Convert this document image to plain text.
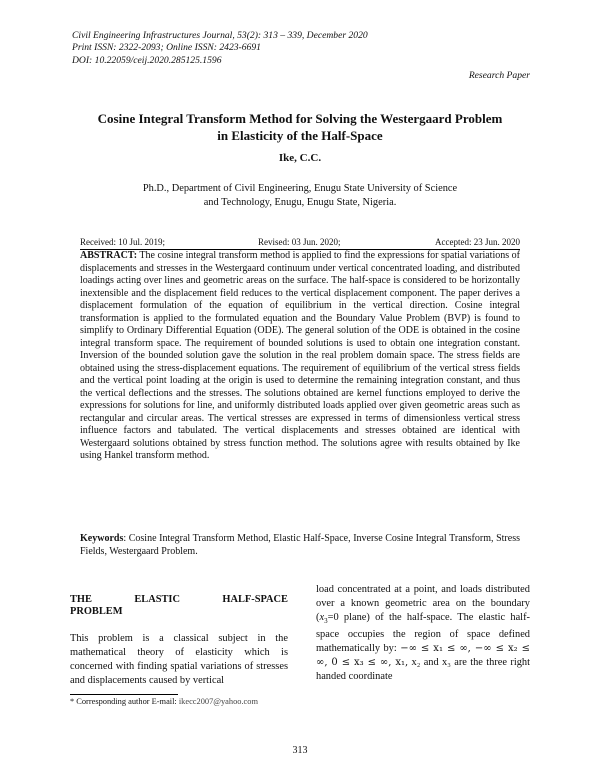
Civil Engineering Infrastructures Journal, 53(2): 313 – 339, December 2020
Print ISSN: 2322-2093; Online ISSN: 2423-6691
DOI: 10.22059/ceij.2020.285125.1596
Research Paper
Cosine Integral Transform Method for Solving the Westergaard Problem
in Elasticity of the Half-Space
Ike, C.C.
Ph.D., Department of Civil Engineering, Enugu State University of Science and Technology, Enugu, Enugu State, Nigeria.
Received: 10 Jul. 2019;	Revised: 03 Jun. 2020;	Accepted: 23 Jun. 2020
ABSTRACT: The cosine integral transform method is applied to find the expressions for spatial variations of displacements and stresses in the Westergaard continuum under vertical concentrated loading, and distributed loadings acting over lines and geometric areas on the surface. The half-space is considered to be horizontally inextensible and the displacement field reduces to the vertical displacement component. The paper derives a displacement formulation of the equation of equilibrium in the vertical direction. Cosine integral transformation is applied to the formulated equation and the Boundary Value Problem (BVP) is found to simplify to Ordinary Differential Equation (ODE). The general solution of the ODE is obtained in the cosine integral transform space. The requirement of bounded solutions is used to obtain one integration constant. Inversion of the bounded solution gave the solution in the real problem domain space. The stress fields are obtained using the stress-displacement equations. The requirement of equilibrium of the vertical stress fields and the vertical point loading at the origin is used to determine the remaining integration constant, and thus the vertical deflections and the stresses. The solutions obtained are kernel functions employed to derive the expressions for solutions for line, and uniformly distributed loads applied over given geometric areas such as rectangular and circular areas. The vertical stresses are expressed in terms of dimensionless vertical stress influence factors and tabulated. The vertical displacements and stresses obtained are identical with Westergaard solutions obtained by stress function method. The solutions agree with results obtained by Ike using Hankel transform method.
Keywords: Cosine Integral Transform Method, Elastic Half-Space, Inverse Cosine Integral Transform, Stress Fields, Westergaard Problem.
THE ELASTIC HALF-SPACE
PROBLEM
This problem is a classical subject in the mathematical theory of elasticity which is concerned with finding spatial variations of stresses and displacements caused by vertical
load concentrated at a point, and loads distributed over a known geometric area on the boundary ($x_3=0$ plane) of the half-space. The elastic half-space occupies the region of space defined mathematically by: −∞ ≤ x₁ ≤ ∞, −∞ ≤ x₂ ≤ ∞, 0 ≤ x₃ ≤ ∞, x₁, x₂ and x₃ are the three right handed coordinate
* Corresponding author E-mail: ikecc2007@yahoo.com
313
